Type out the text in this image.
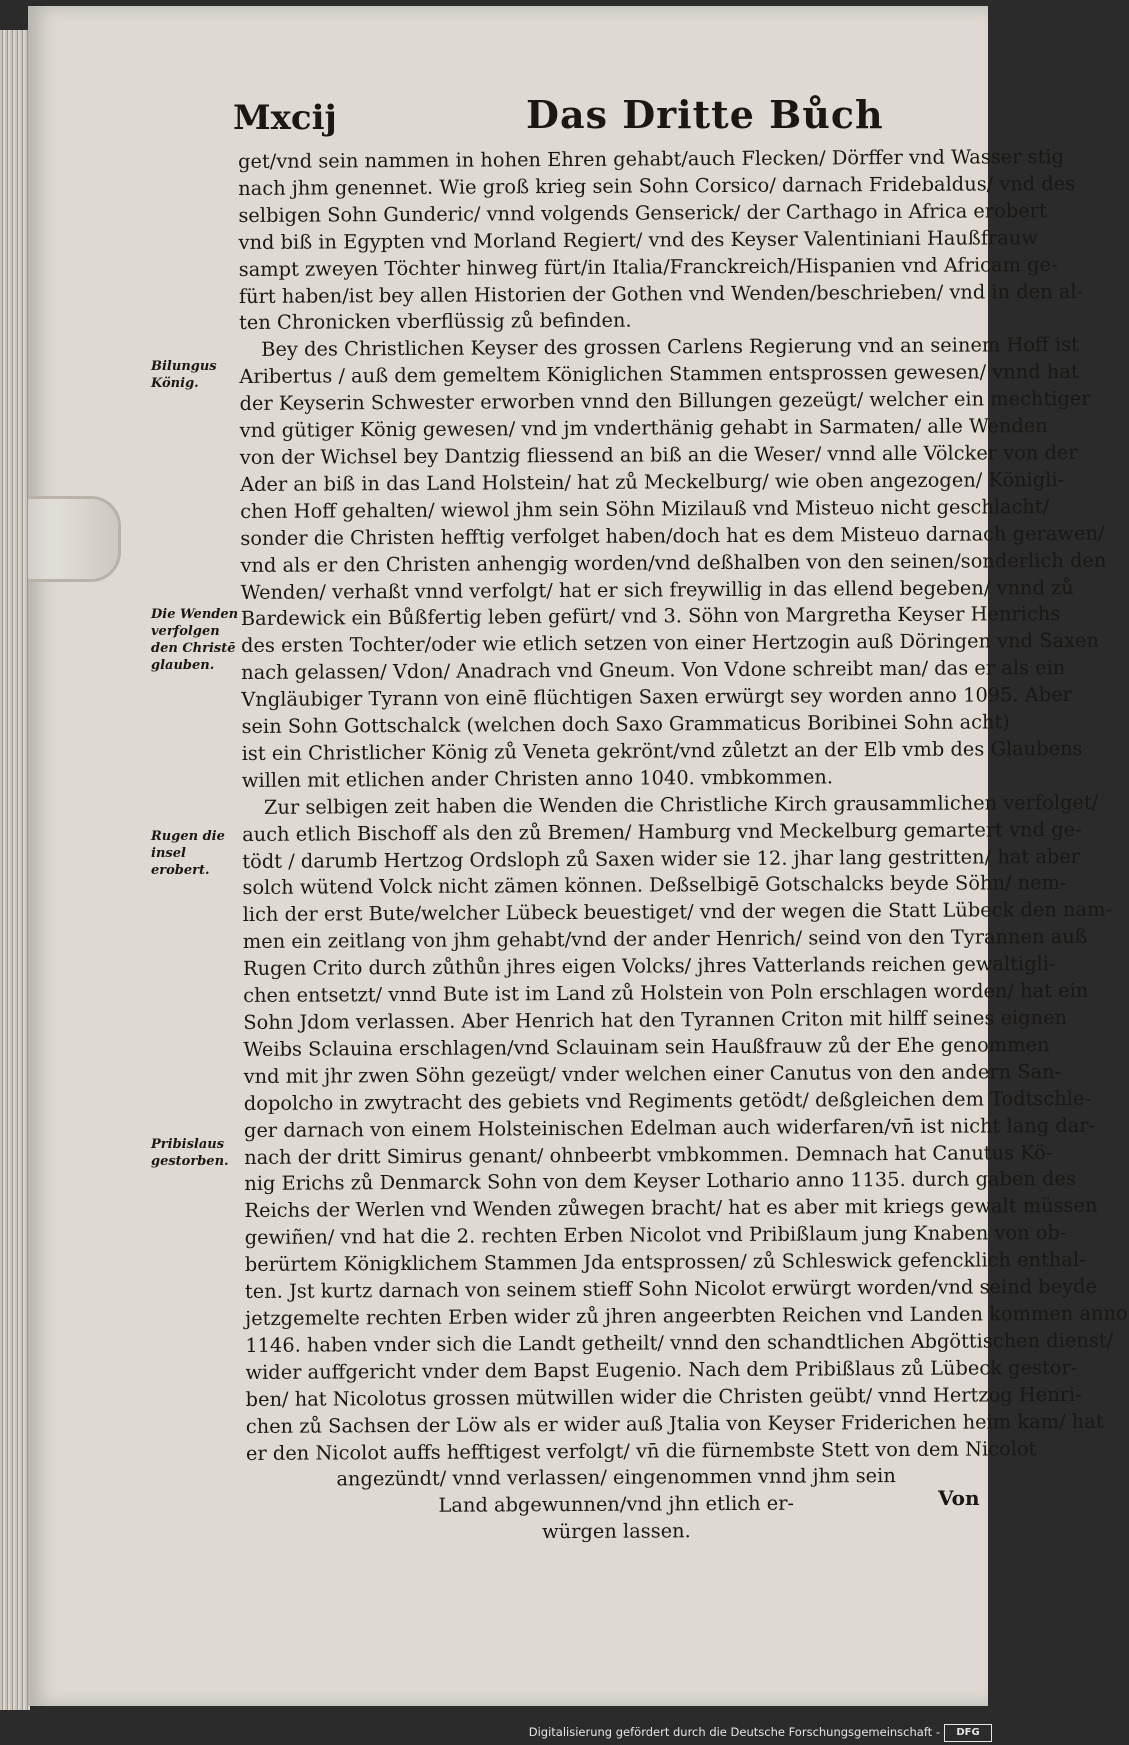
Mxcij	Das Dritte Bůch
get/vnd sein nammen in hohen Ehren gehabt/auch Flecken/ Dörffer vnd Wasser stig
nach jhm genennet. Wie groß krieg sein Sohn Corsico/ darnach Fridebaldus/ vnd des
selbigen Sohn Gunderic/ vnnd volgends Genserick/ der Carthago in Africa erobert
vnd biß in Egypten vnd Morland Regiert/ vnd des Keyser Valentiniani Haußfrauw
sampt zweyen Töchter hinweg fürt/in Italia/Franckreich/Hispanien vnd Africam ge-
fürt haben/ist bey allen Historien der Gothen vnd Wenden/beschrieben/ vnd in den al-
ten Chronicken vberflüssig zů befinden.
Bey des Christlichen Keyser des grossen Carlens Regierung vnd an seinem Hoff ist
Aribertus / auß dem gemeltem Königlichen Stammen entsprossen gewesen/ vnnd hat
der Keyserin Schwester erworben vnnd den Billungen gezeügt/ welcher ein mechtiger
vnd gütiger König gewesen/ vnd jm vnderthänig gehabt in Sarmaten/ alle Wenden
von der Wichsel bey Dantzig fliessend an biß an die Weser/ vnnd alle Völcker von der
Ader an biß in das Land Holstein/ hat zů Meckelburg/ wie oben angezogen/ Königli-
chen Hoff gehalten/ wiewol jhm sein Söhn Mizilauß vnd Misteuo nicht geschlacht/
sonder die Christen hefftig verfolget haben/doch hat es dem Misteuo darnach gerawen/
vnd als er den Christen anhengig worden/vnd deßhalben von den seinen/sonderlich den
Wenden/ verhaßt vnnd verfolgt/ hat er sich freywillig in das ellend begeben/ vnnd zů
Bardewick ein Bůßfertig leben gefürt/ vnd 3. Söhn von Margretha Keyser Henrichs
des ersten Tochter/oder wie etlich setzen von einer Hertzogin auß Döringen vnd Saxen
nach gelassen/ Vdon/ Anadrach vnd Gneum. Von Vdone schreibt man/ das er als ein
Vngläubiger Tyrann von einē flüchtigen Saxen erwürgt sey worden anno 1095. Aber
sein Sohn Gottschalck (welchen doch Saxo Grammaticus Boribinei Sohn acht)
ist ein Christlicher König zů Veneta gekrönt/vnd zůletzt an der Elb vmb des Glaubens
willen mit etlichen ander Christen anno 1040. vmbkommen.
Zur selbigen zeit haben die Wenden die Christliche Kirch grausammlichen verfolget/
auch etlich Bischoff als den zů Bremen/ Hamburg vnd Meckelburg gemartert vnd ge-
tödt / darumb Hertzog Ordsloph zů Saxen wider sie 12. jhar lang gestritten/ hat aber
solch wütend Volck nicht zämen können. Deßselbigē Gotschalcks beyde Söhn/ nem-
lich der erst Bute/welcher Lübeck beuestiget/ vnd der wegen die Statt Lübeck den nam-
men ein zeitlang von jhm gehabt/vnd der ander Henrich/ seind von den Tyrannen auß
Rugen Crito durch zůthůn jhres eigen Volcks/ jhres Vatterlands reichen gewaltigli-
chen entsetzt/ vnnd Bute ist im Land zů Holstein von Poln erschlagen worden/ hat ein
Sohn Jdom verlassen. Aber Henrich hat den Tyrannen Criton mit hilff seines eignen
Weibs Sclauina erschlagen/vnd Sclauinam sein Haußfrauw zů der Ehe genommen
vnd mit jhr zwen Söhn gezeügt/ vnder welchen einer Canutus von den andern San-
dopolcho in zwytracht des gebiets vnd Regiments getödt/ deßgleichen dem Todtschle-
ger darnach von einem Holsteinischen Edelman auch widerfaren/vn̄ ist nicht lang dar-
nach der dritt Simirus genant/ ohnbeerbt vmbkommen. Demnach hat Canutus Kö-
nig Erichs zů Denmarck Sohn von dem Keyser Lothario anno 1135. durch gaben des
Reichs der Werlen vnd Wenden zůwegen bracht/ hat es aber mit kriegs gewalt müssen
gewiñen/ vnd hat die 2. rechten Erben Nicolot vnd Pribißlaum jung Knaben von ob-
berürtem Königklichem Stammen Jda entsprossen/ zů Schleswick gefencklich enthal-
ten. Jst kurtz darnach von seinem stieff Sohn Nicolot erwürgt worden/vnd seind beyde
jetzgemelte rechten Erben wider zů jhren angeerbten Reichen vnd Landen kommen anno
1146. haben vnder sich die Landt getheilt/ vnnd den schandtlichen Abgöttischen dienst/
wider auffgericht vnder dem Bapst Eugenio. Nach dem Pribißlaus zů Lübeck gestor-
ben/ hat Nicolotus grossen mütwillen wider die Christen geübt/ vnnd Hertzog Henri-
chen zů Sachsen der Löw als er wider auß Jtalia von Keyser Friderichen heim kam/ hat
er den Nicolot auffs hefftigest verfolgt/ vn̄ die fürnembste Stett von dem Nicolot
angezündt/ vnnd verlassen/ eingenommen vnnd jhm sein
Land abgewunnen/vnd jhn etlich er-
würgen lassen.
Bilungus König.
Die Wenden verfolgen den Christē glauben.
Rugen die insel erobert.
Pribislaus gestorben.
Von
Digitalisierung gefördert durch die Deutsche Forschungsgemeinschaft -	DFG
